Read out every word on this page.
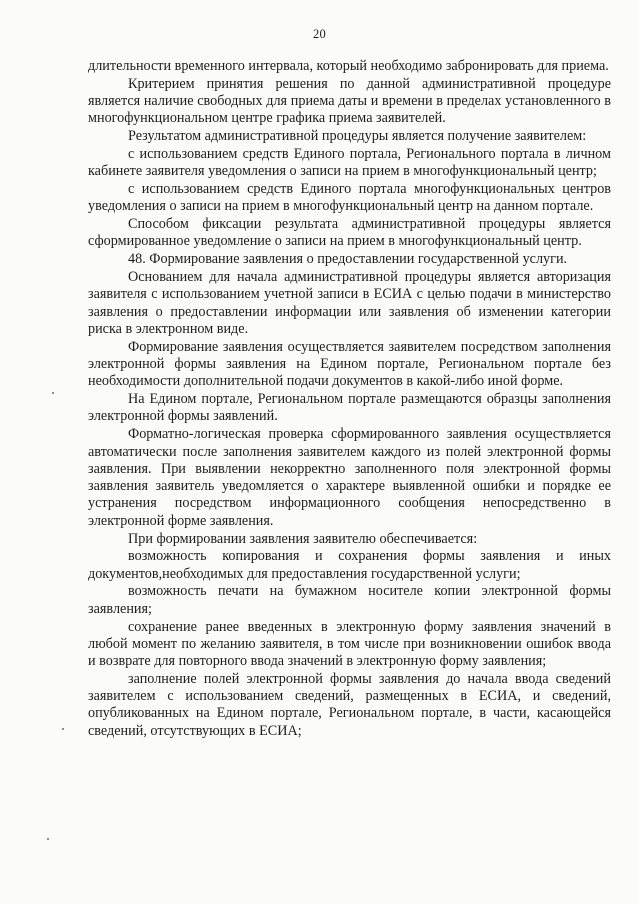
20

длительности временного интервала, который необходимо забронировать для приема.

Критерием принятия решения по данной административной процедуре является наличие свободных для приема даты и времени в пределах установленного в многофункциональном центре графика приема заявителей.

Результатом административной процедуры является получение заявителем:

с использованием средств Единого портала, Регионального портала в личном кабинете заявителя уведомления о записи на прием в многофункциональный центр;

с использованием средств Единого портала многофункциональных центров уведомления о записи на прием в многофункциональный центр на данном портале.

Способом фиксации результата административной процедуры является сформированное уведомление о записи на прием в многофункциональный центр.

48. Формирование заявления о предоставлении государственной услуги.

Основанием для начала административной процедуры является авторизация заявителя с использованием учетной записи в ЕСИА с целью подачи в министерство заявления о предоставлении информации или заявления об изменении категории риска в электронном виде.

Формирование заявления осуществляется заявителем посредством заполнения электронной формы заявления на Едином портале, Региональном портале без необходимости дополнительной подачи документов в какой-либо иной форме.

На Едином портале, Региональном портале размещаются образцы заполнения электронной формы заявлений.

Форматно-логическая проверка сформированного заявления осуществляется автоматически после заполнения заявителем каждого из полей электронной формы заявления. При выявлении некорректно заполненного поля электронной формы заявления заявитель уведомляется о характере выявленной ошибки и порядке ее устранения посредством информационного сообщения непосредственно в электронной форме заявления.

При формировании заявления заявителю обеспечивается:

возможность копирования и сохранения формы заявления и иных документов,необходимых для предоставления государственной услуги;

возможность печати на бумажном носителе копии электронной формы заявления;

сохранение ранее введенных в электронную форму заявления значений в любой момент по желанию заявителя, в том числе при возникновении ошибок ввода и возврате для повторного ввода значений в электронную форму заявления;

заполнение полей электронной формы заявления до начала ввода сведений заявителем с использованием сведений, размещенных в ЕСИА, и сведений, опубликованных на Едином портале, Региональном портале, в части, касающейся сведений, отсутствующих в ЕСИА;
